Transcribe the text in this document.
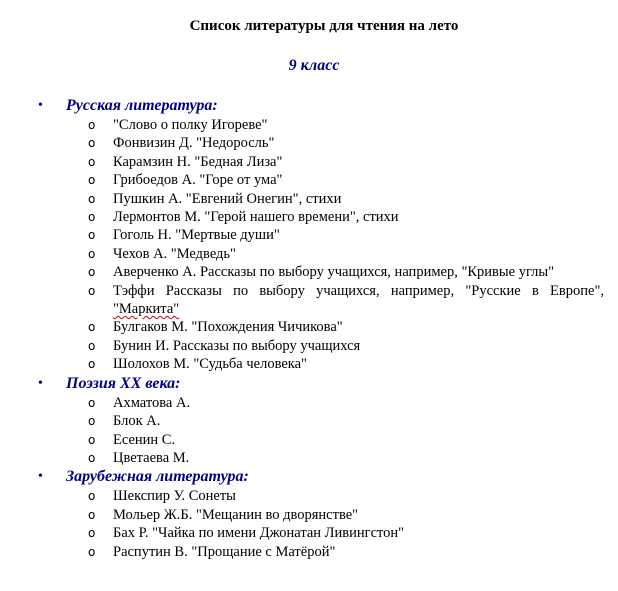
Список литературы для чтения на лето
9 класс
• Русская литература:
o "Слово о полку Игореве"
o Фонвизин Д. "Недоросль"
o Карамзин Н. "Бедная Лиза"
o Грибоедов А. "Горе от ума"
o Пушкин А. "Евгений Онегин", стихи
o Лермонтов М. "Герой нашего времени", стихи
o Гоголь Н. "Мертвые души"
o Чехов А. "Медведь"
o Аверченко А. Рассказы по выбору учащихся, например, "Кривые углы"
o Тэффи Рассказы по выбору учащихся, например, "Русские в Европе", "Маркита"
o Булгаков М. "Похождения Чичикова"
o Бунин И. Рассказы по выбору учащихся
o Шолохов М. "Судьба человека"
• Поэзия ХХ века:
o Ахматова А.
o Блок А.
o Есенин С.
o Цветаева М.
• Зарубежная литература:
o Шекспир У. Сонеты
o Мольер Ж.Б. "Мещанин во дворянстве"
o Бах Р. "Чайка по имени Джонатан Ливингстон"
o Распутин В. "Прощание с Матёрой"
